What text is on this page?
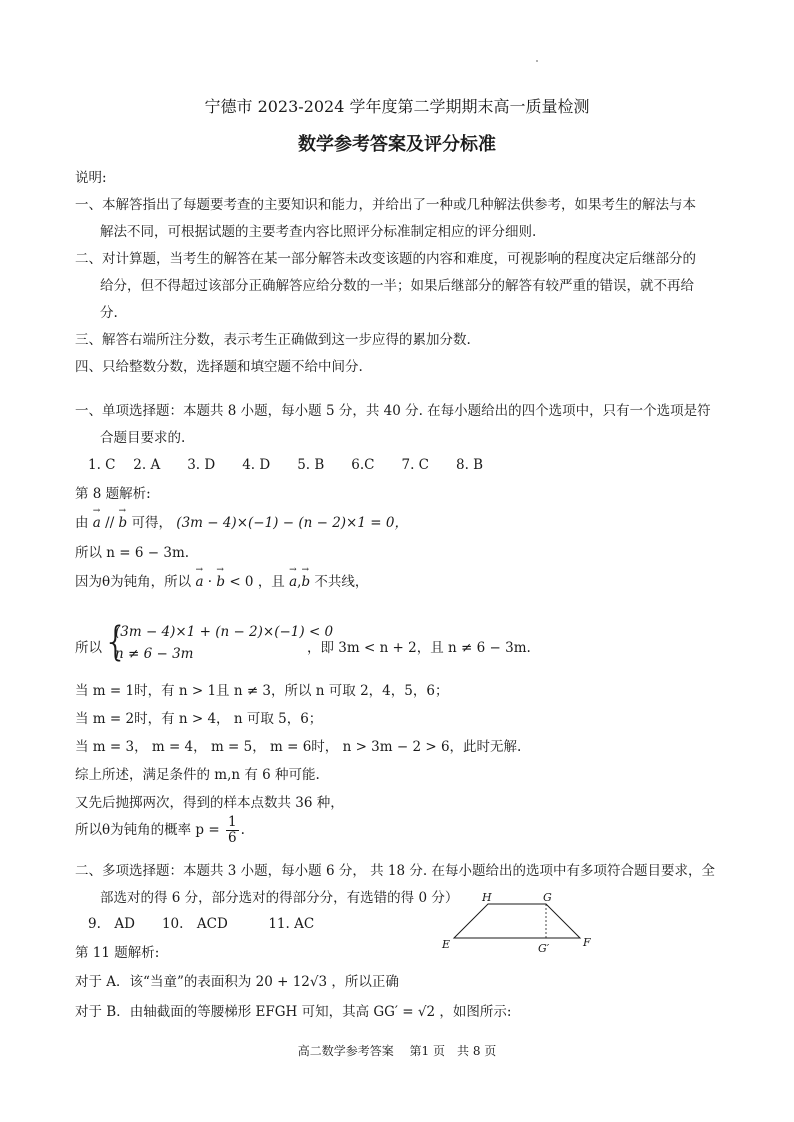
宁德市 2023-2024 学年度第二学期期末高一质量检测
数学参考答案及评分标准
说明:
一、本解答指出了每题要考查的主要知识和能力，并给出了一种或几种解法供参考，如果考生的解法与本
解法不同，可根据试题的主要考查内容比照评分标准制定相应的评分细则.
二、对计算题，当考生的解答在某一部分解答未改变该题的内容和难度，可视影响的程度决定后继部分的
给分，但不得超过该部分正确解答应给分数的一半；如果后继部分的解答有较严重的错误，就不再给
分.
三、解答右端所注分数，表示考生正确做到这一步应得的累加分数.
四、只给整数分数，选择题和填空题不给中间分.
一、单项选择题：本题共 8 小题，每小题 5 分，共 40 分. 在每小题给出的四个选项中，只有一个选项是符
合题目要求的.
1. C　 2. A　　3. D　　4. D　　5. B　　6.C　　7. C　　8. B
第 8 题解析:
由 → a // → b 可得， (3m − 4)×(−1) − (n − 2)×1 = 0，
所以 n = 6 − 3m.
因为θ为钝角，所以 → a · → b < 0 ，且 → a,→ b 不共线，
所以 {
(3m − 4)×1 + (n − 2)×(−1) < 0
n ≠ 6 − 3m	，即 3m < n + 2，且 n ≠ 6 − 3m.
当 m = 1时，有 n > 1且 n ≠ 3，所以 n 可取 2，4，5，6；
当 m = 2时，有 n > 4， n 可取 5，6；
当 m = 3， m = 4， m = 5， m = 6时， n > 3m − 2 > 6，此时无解.
综上所述，满足条件的 m,n 有 6 种可能.
又先后抛掷两次，得到的样本点数共 36 种，
所以θ为钝角的概率 $p = \frac{1}{6}$ .
二、多项选择题：本题共 3 小题，每小题 6 分， 共 18 分. 在每小题给出的选项中有多项符合题目要求，全
部选对的得 6 分，部分选对的得部分分，有选错的得 0 分）
9.　AD　　10.　ACD　　　11. AC
第 11 题解析:
对于 A．该“当童”的表面积为 20 + 12√3 ，所以正确
对于 B．由轴截面的等腰梯形 EFGH 可知，其高 GG′ = √2 ，如图所示:
H	G
E	G′	F
高二数学参考答案　 第1 页　共 8 页
